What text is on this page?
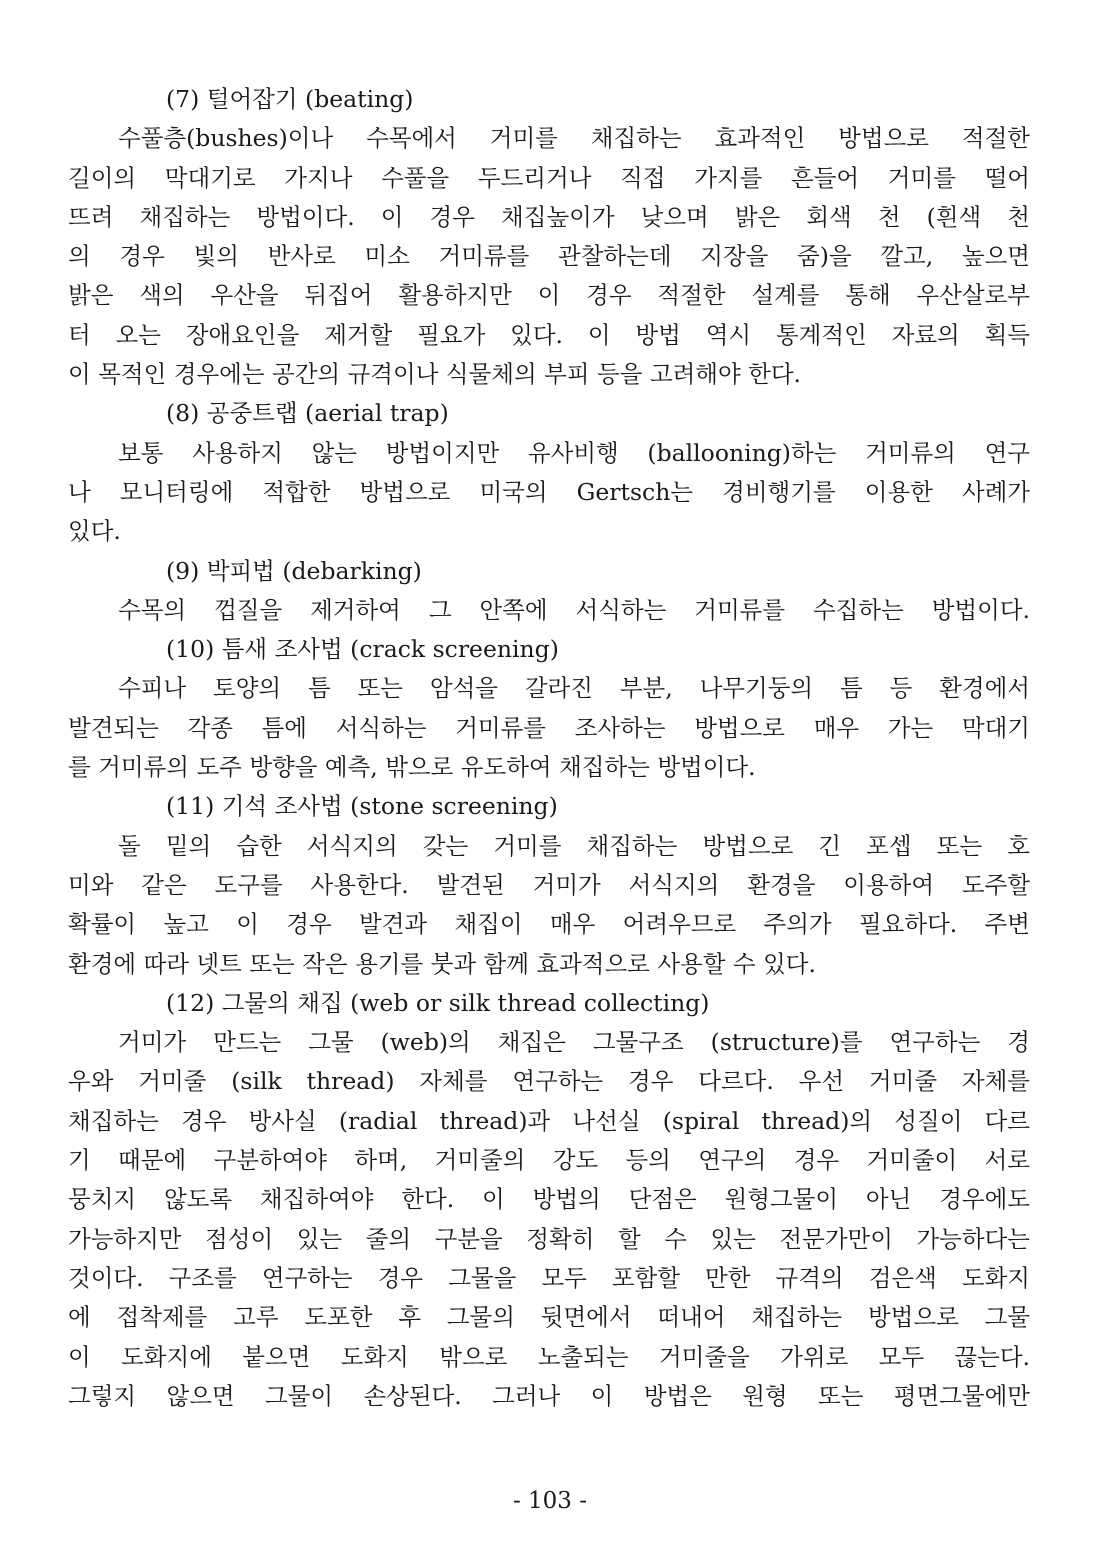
(7) 털어잡기 (beating)
수풀층(bushes)이나 수목에서 거미를 채집하는 효과적인 방법으로 적절한
길이의 막대기로 가지나 수풀을 두드리거나 직접 가지를 흔들어 거미를 떨어
뜨려 채집하는 방법이다. 이 경우 채집높이가 낮으며 밝은 회색 천 (흰색 천
의 경우 빛의 반사로 미소 거미류를 관찰하는데 지장을 줌)을 깔고, 높으면
밝은 색의 우산을 뒤집어 활용하지만 이 경우 적절한 설계를 통해 우산살로부
터 오는 장애요인을 제거할 필요가 있다. 이 방법 역시 통계적인 자료의 획득
이 목적인 경우에는 공간의 규격이나 식물체의 부피 등을 고려해야 한다.
(8) 공중트랩 (aerial trap)
보통 사용하지 않는 방법이지만 유사비행 (ballooning)하는 거미류의 연구
나 모니터링에 적합한 방법으로 미국의 Gertsch는 경비행기를 이용한 사례가
있다.
(9) 박피법 (debarking)
수목의 껍질을 제거하여 그 안쪽에 서식하는 거미류를 수집하는 방법이다.
(10) 틈새 조사법 (crack screening)
수피나 토양의 틈 또는 암석을 갈라진 부분, 나무기둥의 틈 등 환경에서
발견되는 각종 틈에 서식하는 거미류를 조사하는 방법으로 매우 가는 막대기
를 거미류의 도주 방향을 예측, 밖으로 유도하여 채집하는 방법이다.
(11) 기석 조사법 (stone screening)
돌 밑의 습한 서식지의 갖는 거미를 채집하는 방법으로 긴 포셉 또는 호
미와 같은 도구를 사용한다. 발견된 거미가 서식지의 환경을 이용하여 도주할
확률이 높고 이 경우 발견과 채집이 매우 어려우므로 주의가 필요하다. 주변
환경에 따라 넷트 또는 작은 용기를 붓과 함께 효과적으로 사용할 수 있다.
(12) 그물의 채집 (web or silk thread collecting)
거미가 만드는 그물 (web)의 채집은 그물구조 (structure)를 연구하는 경
우와 거미줄 (silk thread) 자체를 연구하는 경우 다르다. 우선 거미줄 자체를
채집하는 경우 방사실 (radial thread)과 나선실 (spiral thread)의 성질이 다르
기 때문에 구분하여야 하며, 거미줄의 강도 등의 연구의 경우 거미줄이 서로
뭉치지 않도록 채집하여야 한다. 이 방법의 단점은 원형그물이 아닌 경우에도
가능하지만 점성이 있는 줄의 구분을 정확히 할 수 있는 전문가만이 가능하다는
것이다. 구조를 연구하는 경우 그물을 모두 포함할 만한 규격의 검은색 도화지
에 접착제를 고루 도포한 후 그물의 뒷면에서 떠내어 채집하는 방법으로 그물
이 도화지에 붙으면 도화지 밖으로 노출되는 거미줄을 가위로 모두 끊는다.
그렇지 않으면 그물이 손상된다. 그러나 이 방법은 원형 또는 평면그물에만
- 103 -
